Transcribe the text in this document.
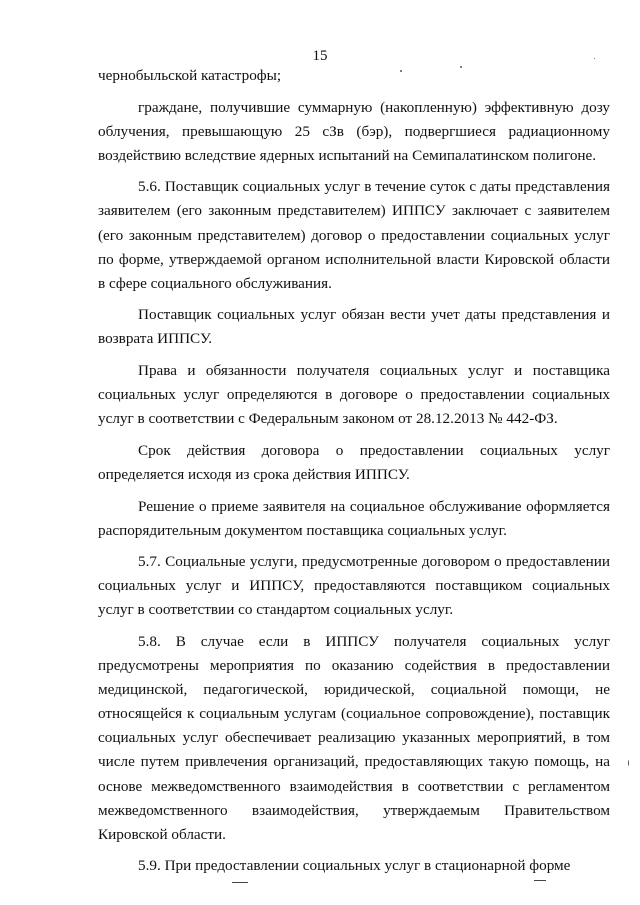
15

чернобыльской катастрофы;

граждане, получившие суммарную (накопленную) эффективную дозу облучения, превышающую 25 сЗв (бэр), подвергшиеся радиационному воздействию вследствие ядерных испытаний на Семипалатинском полигоне.

5.6. Поставщик социальных услуг в течение суток с даты представления заявителем (его законным представителем) ИППСУ заключает с заявителем (его законным представителем) договор о предоставлении социальных услуг по форме, утверждаемой органом исполнительной власти Кировской области в сфере социального обслуживания.

Поставщик социальных услуг обязан вести учет даты представления и возврата ИППСУ.

Права и обязанности получателя социальных услуг и поставщика социальных услуг определяются в договоре о предоставлении социальных услуг в соответствии с Федеральным законом от 28.12.2013 № 442-ФЗ.

Срок действия договора о предоставлении социальных услуг определяется исходя из срока действия ИППСУ.

Решение о приеме заявителя на социальное обслуживание оформляется распорядительным документом поставщика социальных услуг.

5.7. Социальные услуги, предусмотренные договором о предоставлении социальных услуг и ИППСУ, предоставляются поставщиком социальных услуг в соответствии со стандартом социальных услуг.

5.8. В случае если в ИППСУ получателя социальных услуг предусмотрены мероприятия по оказанию содействия в предоставлении медицинской, педагогической, юридической, социальной помощи, не относящейся к социальным услугам (социальное сопровождение), поставщик социальных услуг обеспечивает реализацию указанных мероприятий, в том числе путем привлечения организаций, предоставляющих такую помощь, на основе межведомственного взаимодействия в соответствии с регламентом межведомственного взаимодействия, утверждаемым Правительством Кировской области.

5.9. При предоставлении социальных услуг в стационарной форме
